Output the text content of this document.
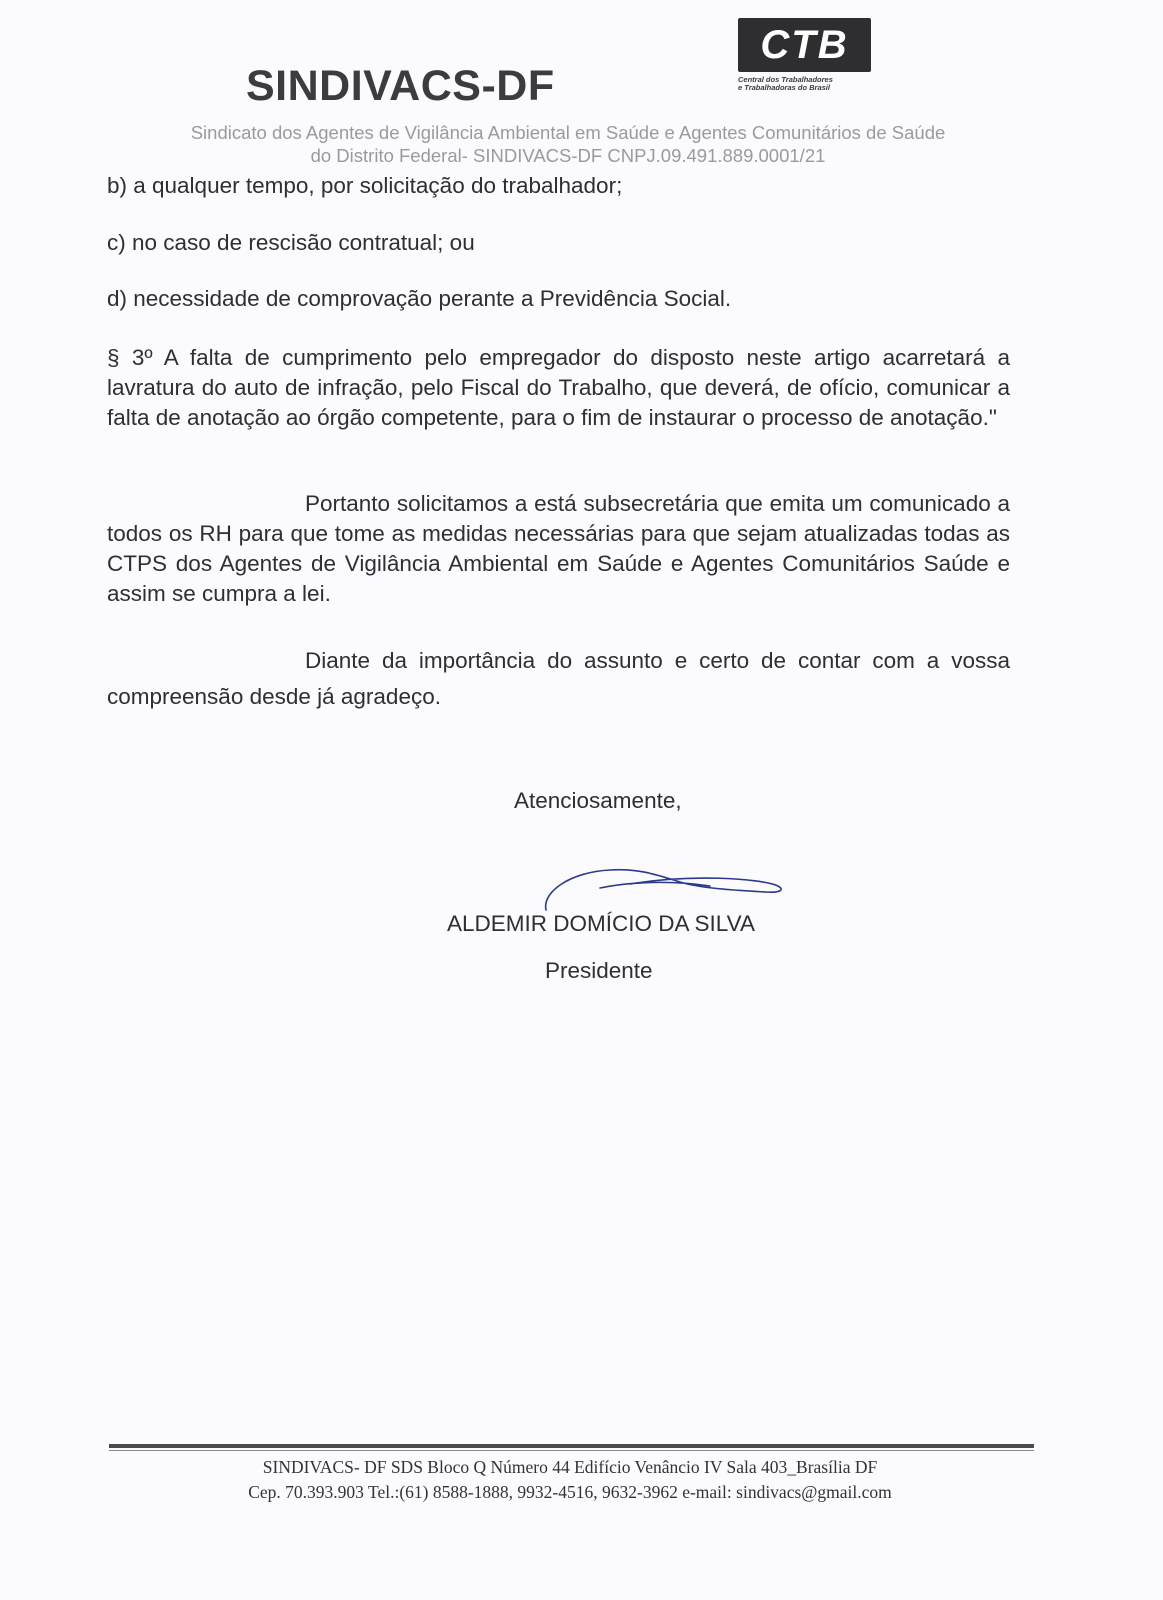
SINDIVACS-DF
CTB
Central dos Trabalhadores
e Trabalhadoras do Brasil
Sindicato dos Agentes de Vigilância Ambiental em Saúde e Agentes Comunitários de Saúde
do Distrito Federal- SINDIVACS-DF CNPJ.09.491.889.0001/21
b) a qualquer tempo, por solicitação do trabalhador;
c) no caso de rescisão contratual; ou
d) necessidade de comprovação perante a Previdência Social.
§ 3º A falta de cumprimento pelo empregador do disposto neste artigo acarretará a lavratura do auto de infração, pelo Fiscal do Trabalho, que deverá, de ofício, comunicar a falta de anotação ao órgão competente, para o fim de instaurar o processo de anotação."
Portanto solicitamos a está subsecretária que emita um comunicado a todos os RH para que tome as medidas necessárias para que sejam atualizadas todas as CTPS dos Agentes de Vigilância Ambiental em Saúde e Agentes Comunitários Saúde e assim se cumpra a lei.
Diante da importância do assunto e certo de contar com a vossa compreensão desde já agradeço.
Atenciosamente,
ALDEMIR DOMÍCIO DA SILVA
Presidente
SINDIVACS- DF SDS Bloco Q Número 44 Edifício Venâncio IV Sala 403_Brasília DF
Cep. 70.393.903 Tel.:(61) 8588-1888, 9932-4516, 9632-3962 e-mail: sindivacs@gmail.com
